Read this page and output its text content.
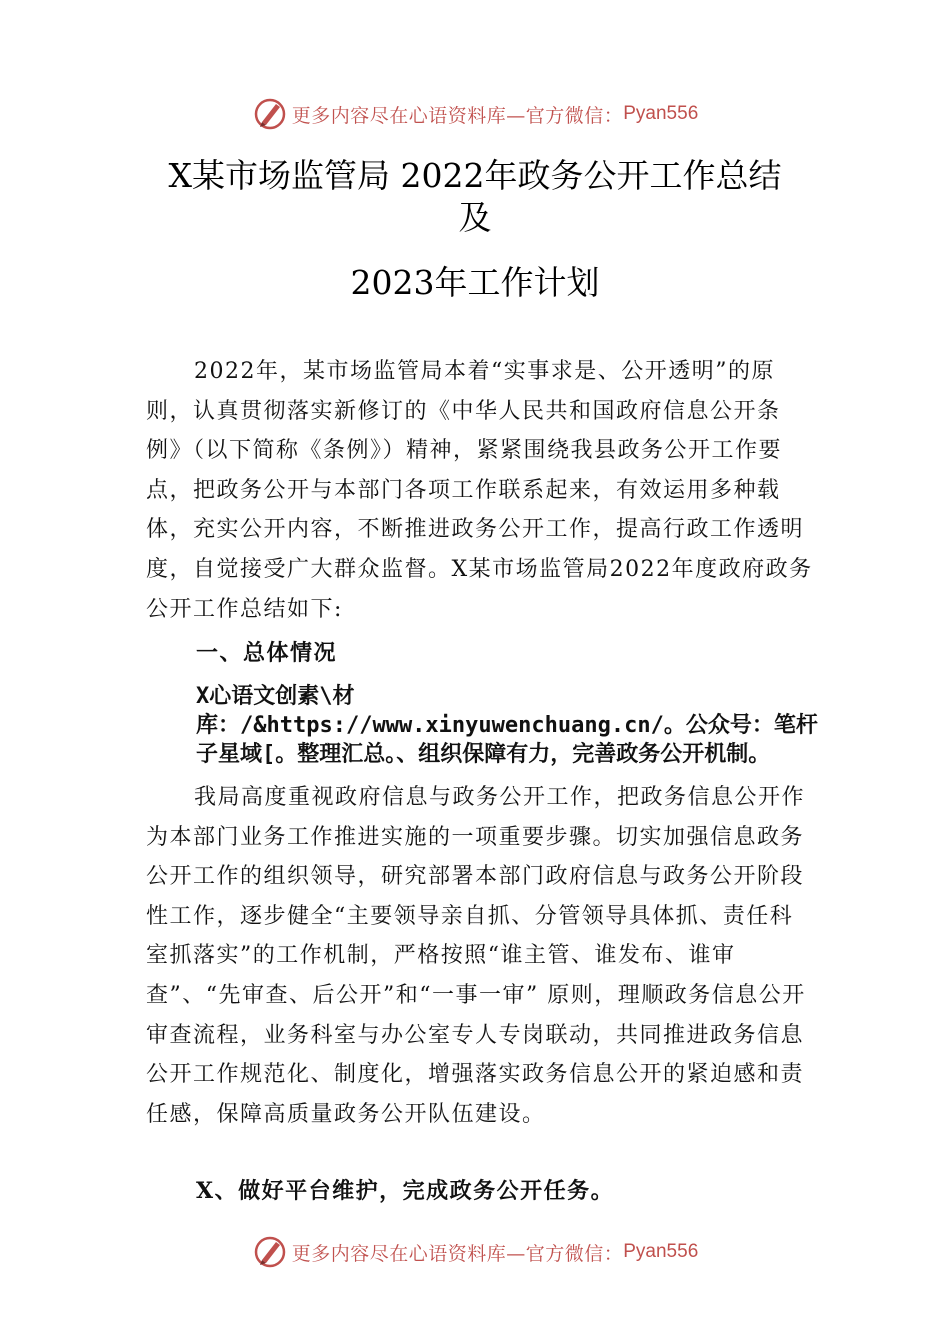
更多内容尽在心语资料库—官方微信： Pyan556
X某市场监管局 2022年政务公开工作总结
及
2023年工作计划
2022年，某市场监管局本着“实事求是、公开透明”的原则，认真贯彻落实新修订的《中华人民共和国政府信息公开条例》（以下简称《条例》）精神，紧紧围绕我县政务公开工作要点，把政务公开与本部门各项工作联系起来，有效运用多种载体，充实公开内容，不断推进政务公开工作，提高行政工作透明度，自觉接受广大群众监督。X某市场监管局2022年度政府政务公开工作总结如下:
一、总体情况
X心语文创素\材库：/&https://www.xinyuwenchuang.cn/。公众号：笔杆子星域[。整理汇总。、组织保障有力，完善政务公开机制。
我局高度重视政府信息与政务公开工作，把政务信息公开作为本部门业务工作推进实施的一项重要步骤。切实加强信息政务公开工作的组织领导，研究部署本部门政府信息与政务公开阶段性工作，逐步健全“主要领导亲自抓、分管领导具体抓、责任科室抓落实”的工作机制，严格按照“谁主管、谁发布、谁审查”、“先审查、后公开”和“一事一审” 原则，理顺政务信息公开审查流程，业务科室与办公室专人专岗联动，共同推进政务信息公开工作规范化、制度化，增强落实政务信息公开的紧迫感和责任感，保障高质量政务公开队伍建设。
X、做好平台维护，完成政务公开任务。
更多内容尽在心语资料库—官方微信： Pyan556
